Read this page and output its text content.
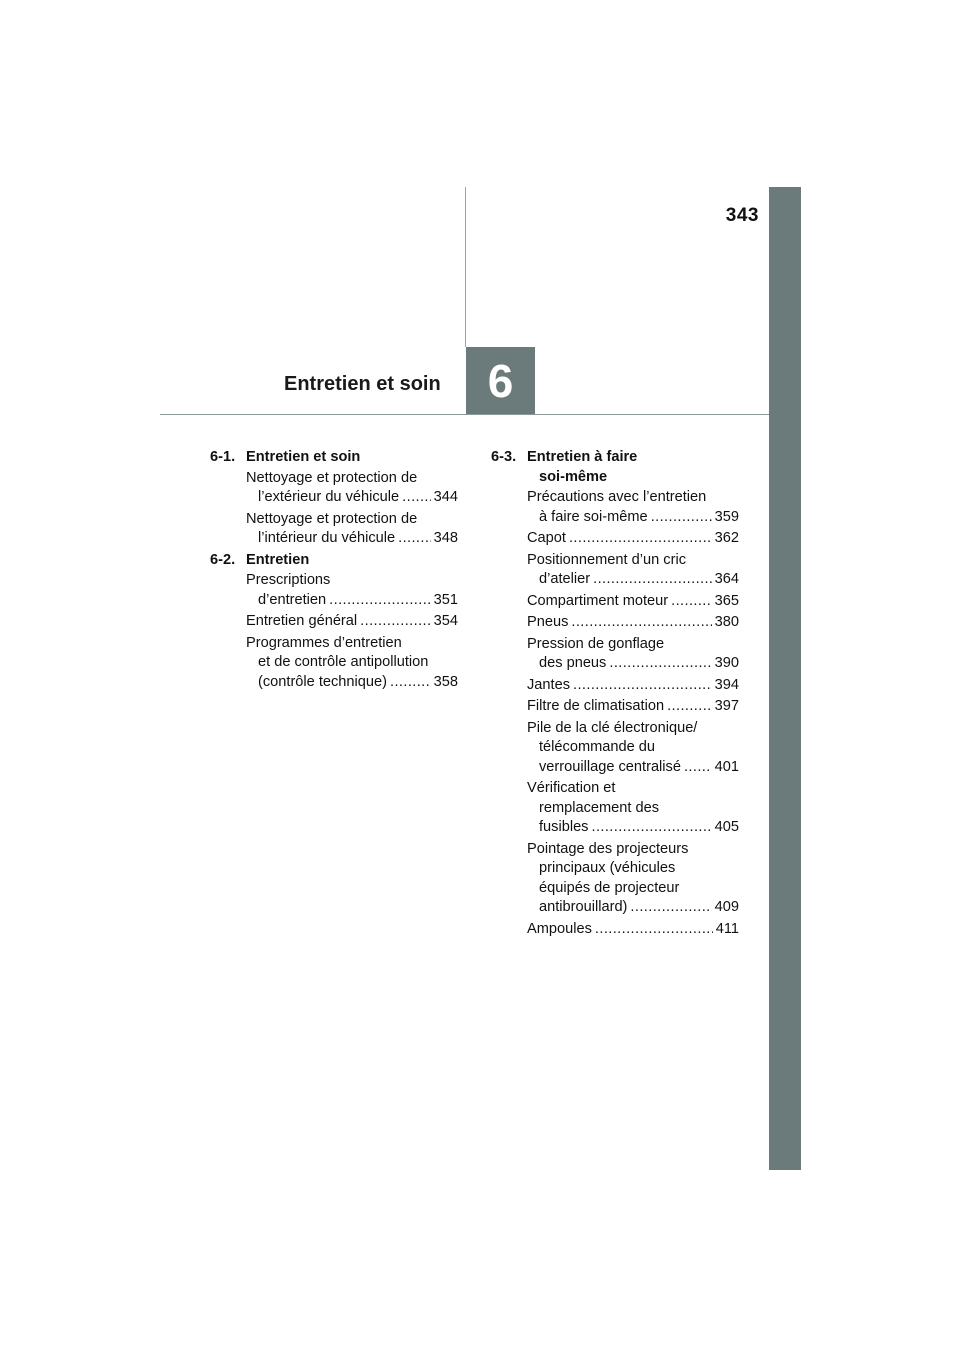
343
Entretien et soin 6
6-1. Entretien et soin
Nettoyage et protection de
l’extérieur du véhicule ..... 344
Nettoyage et protection de
l’intérieur du véhicule .....	348
6-2. Entretien
Prescriptions
d’entretien .....	351
Entretien général .....	354
Programmes d’entretien
et de contrôle antipollution
(contrôle technique) .....	358
6-3. Entretien à faire
soi-même
Précautions avec l’entretien
à faire soi-même .....	359
Capot .....	362
Positionnement d’un cric
d’atelier .....	364
Compartiment moteur .....	365
Pneus .....	380
Pression de gonflage
des pneus .....	390
Jantes .....	394
Filtre de climatisation .....	397
Pile de la clé électronique/
télécommande du
verrouillage centralisé ..... 401
Vérification et
remplacement des
fusibles .....	405
Pointage des projecteurs
principaux (véhicules
équipés de projecteur
antibrouillard) .....	409
Ampoules .....	411
